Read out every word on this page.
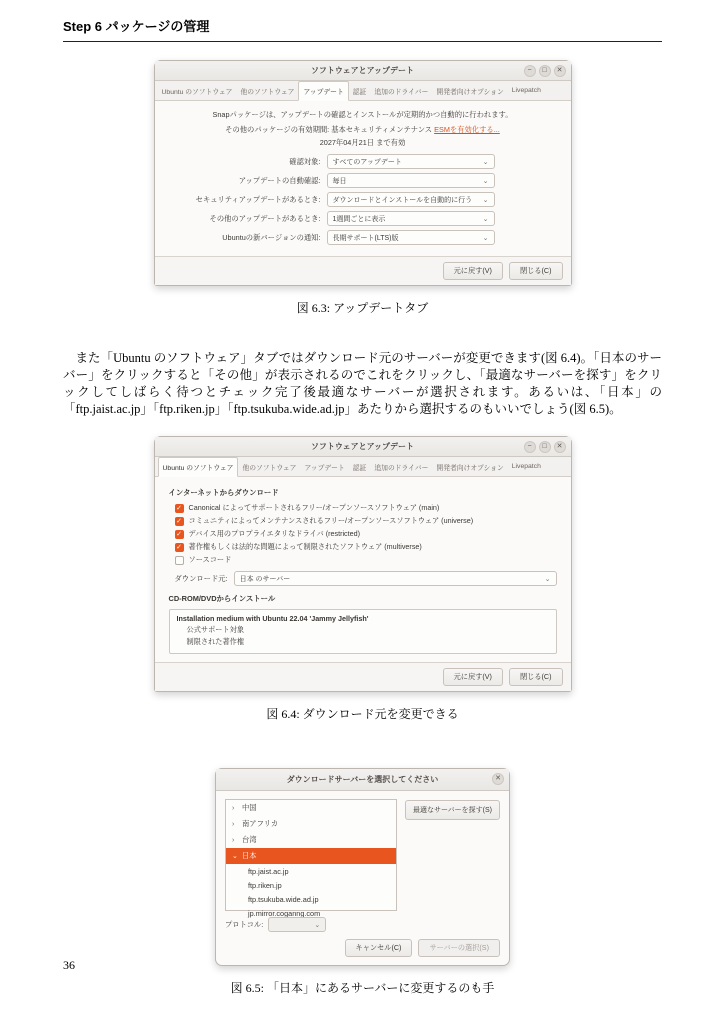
Step 6 パッケージの管理
ソフトウェアとアップデート	−	□	✕
Ubuntu のソフトウェア	他のソフトウェア	アップデート	認証	追加のドライバー	開発者向けオプション	Livepatch
Snapパッケージは、アップデートの確認とインストールが定期的かつ自動的に行われます。
その他のパッケージの有効期間: 基本セキュリティメンテナンス ESMを有効化する...
2027年04月21日 まで有効
確認対象:	すべてのアップデート	⌄
アップデートの自動確認:	毎日	⌄
セキュリティアップデートがあるとき:	ダウンロードとインストールを自動的に行う ⌄
その他のアップデートがあるとき:	1週間ごとに表示	⌄
Ubuntuの新バージョンの通知:	長期サポート(LTS)版	⌄
元に戻す(V)	閉じる(C)
図 6.3: アップデートタブ
また「Ubuntu のソフトウェア」タブではダウンロード元のサーバーが変更できます(図 6.4)。「日本のサーバー」をクリックすると「その他」が表示されるのでこれをクリックし、「最適なサーバーを探す」をクリックしてしばらく待つとチェック完了後最適なサーバーが選択されます。あるいは、「日本」の「ftp.jaist.ac.jp」「ftp.riken.jp」「ftp.tsukuba.wide.ad.jp」あたりから選択するのもいいでしょう(図 6.5)。
ソフトウェアとアップデート	−	□	✕
Ubuntu のソフトウェア	他のソフトウェア	アップデート	認証	追加のドライバー	開発者向けオプション	Livepatch
インターネットからダウンロード
✓ Canonical によってサポートされるフリー/オープンソースソフトウェア (main)
✓ コミュニティによってメンテナンスされるフリー/オープンソースソフトウェア (universe)
✓ デバイス用のプロプライエタリなドライバ (restricted)
✓ 著作権もしくは法的な問題によって制限されたソフトウェア (multiverse)
ソースコード
ダウンロード元: 日本 のサーバー	⌄
CD-ROM/DVDからインストール
Installation medium with Ubuntu 22.04 'Jammy Jellyfish'
公式サポート対象
制限された著作権
元に戻す(V)	閉じる(C)
図 6.4: ダウンロード元を変更できる
ダウンロードサーバーを選択してください	✕
›	中国
›	南アフリカ
›	台湾
⌄ 日本
ftp.jaist.ac.jp
ftp.riken.jp
ftp.tsukuba.wide.ad.jp
jp.mirror.coganng.com
最適なサーバーを探す(S)
プロトコル:	⌄
キャンセル(C)	サーバーの選択(S)
図 6.5: 「日本」にあるサーバーに変更するのも手
36
